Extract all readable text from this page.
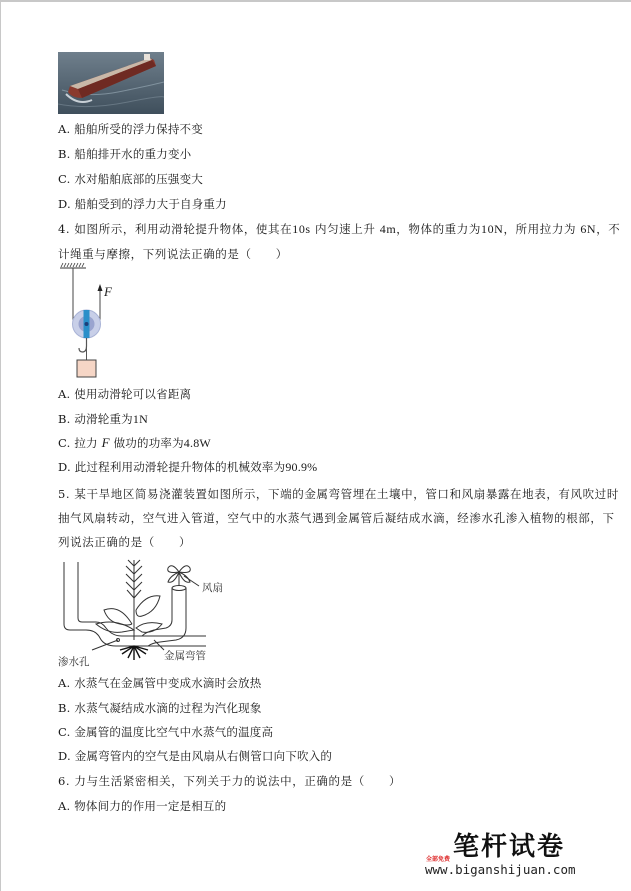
A. 船舶所受的浮力保持不变
B. 船舶排开水的重力变小
C. 水对船舶底部的压强变大
D. 船舶受到的浮力大于自身重力
4. 如图所示，利用动滑轮提升物体，使其在10s 内匀速上升 4m，物体的重力为10N，所用拉力为 6N，不
计绳重与摩擦，下列说法正确的是（　　）
F
A. 使用动滑轮可以省距离
B. 动滑轮重为1N
C. 拉力 F 做功的功率为4.8W
D. 此过程利用动滑轮提升物体的机械效率为90.9%
5. 某干旱地区简易浇灌装置如图所示，下端的金属弯管埋在土壤中，管口和风扇暴露在地表，有风吹过时
抽气风扇转动，空气进入管道，空气中的水蒸气遇到金属管后凝结成水滴，经渗水孔渗入植物的根部，下
列说法正确的是（　　）
风扇
金属弯管
渗水孔
A. 水蒸气在金属管中变成水滴时会放热
B. 水蒸气凝结成水滴的过程为汽化现象
C. 金属管的温度比空气中水蒸气的温度高
D. 金属弯管内的空气是由风扇从右侧管口向下吹入的
6. 力与生活紧密相关，下列关于力的说法中，正确的是（　　）
A. 物体间力的作用一定是相互的
笔杆试卷
全部免费
www.biganshijuan.com
